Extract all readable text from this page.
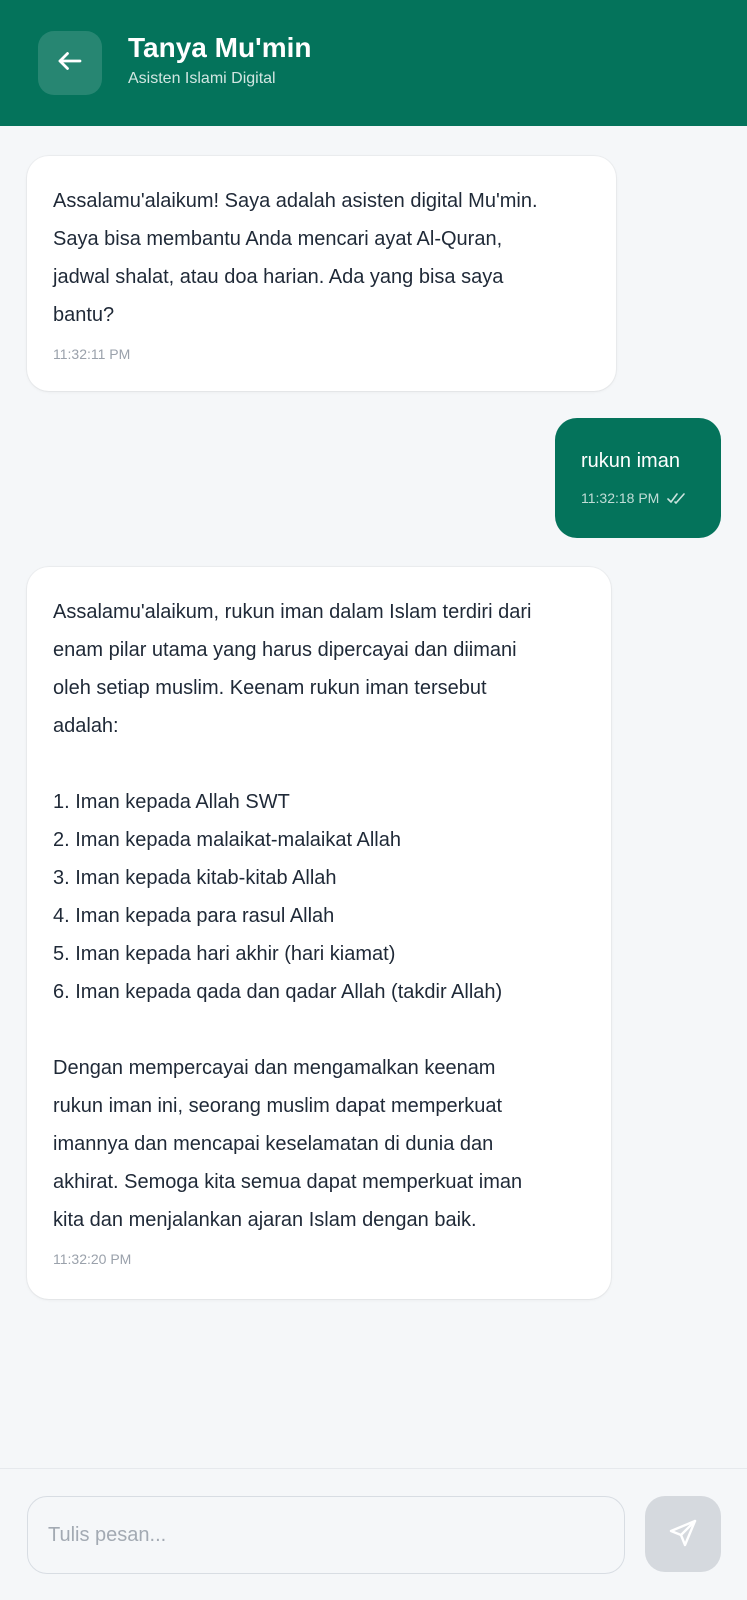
Tanya Mu'min
Asisten Islami Digital
Assalamu'alaikum! Saya adalah asisten digital Mu'min.
Saya bisa membantu Anda mencari ayat Al-Quran,
jadwal shalat, atau doa harian. Ada yang bisa saya
bantu?
11:32:11 PM
rukun iman
11:32:18 PM
Assalamu'alaikum, rukun iman dalam Islam terdiri dari
enam pilar utama yang harus dipercayai dan diimani
oleh setiap muslim. Keenam rukun iman tersebut
adalah:

1. Iman kepada Allah SWT
2. Iman kepada malaikat-malaikat Allah
3. Iman kepada kitab-kitab Allah
4. Iman kepada para rasul Allah
5. Iman kepada hari akhir (hari kiamat)
6. Iman kepada qada dan qadar Allah (takdir Allah)

Dengan mempercayai dan mengamalkan keenam
rukun iman ini, seorang muslim dapat memperkuat
imannya dan mencapai keselamatan di dunia dan
akhirat. Semoga kita semua dapat memperkuat iman
kita dan menjalankan ajaran Islam dengan baik.
11:32:20 PM
Tulis pesan...
